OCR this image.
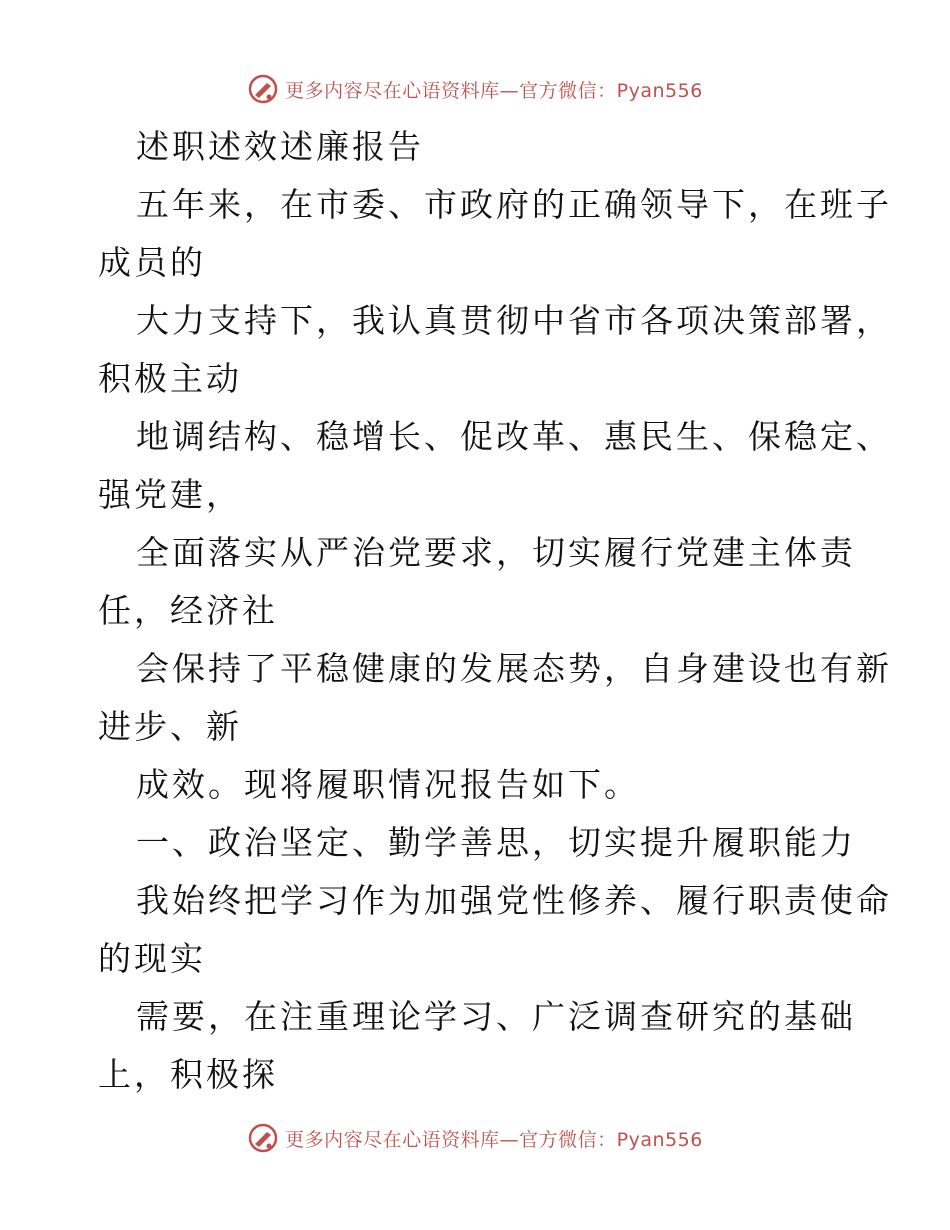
更多内容尽在心语资料库—官方微信：Pyan556
述职述效述廉报告
五年来，在市委、市政府的正确领导下，在班子
成员的
大力支持下，我认真贯彻中省市各项决策部署，
积极主动
地调结构、稳增长、促改革、惠民生、保稳定、
强党建，
全面落实从严治党要求，切实履行党建主体责
任，经济社
会保持了平稳健康的发展态势，自身建设也有新
进步、新
成效。现将履职情况报告如下。
一、政治坚定、勤学善思，切实提升履职能力
我始终把学习作为加强党性修养、履行职责使命
的现实
需要，在注重理论学习、广泛调查研究的基础
上，积极探
更多内容尽在心语资料库—官方微信：Pyan556
